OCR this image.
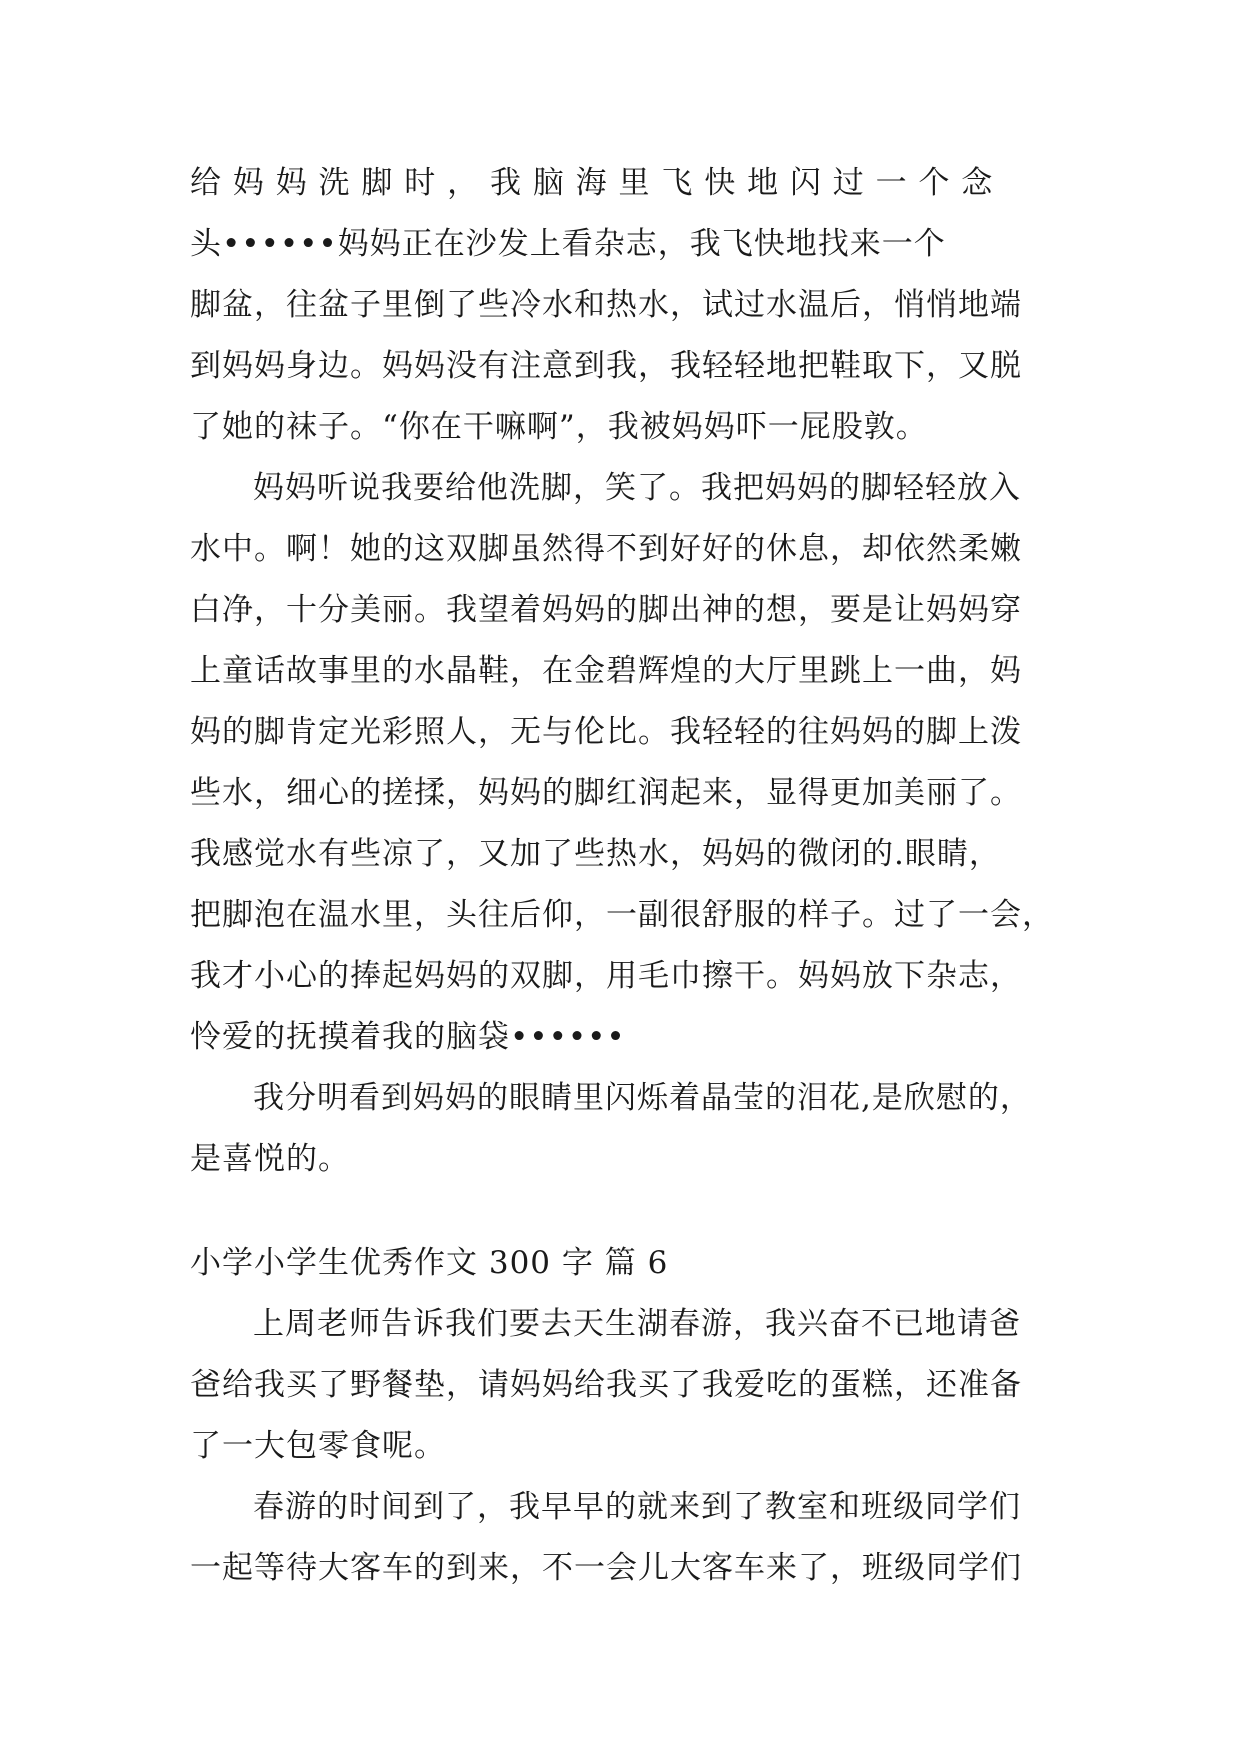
给 妈 妈 洗 脚 时 ， 我 脑 海 里 飞 快 地 闪 过 一 个 念
头••••••妈妈正在沙发上看杂志，我飞快地找来一个
脚盆，往盆子里倒了些冷水和热水，试过水温后，悄悄地端
到妈妈身边。妈妈没有注意到我，我轻轻地把鞋取下，又脱
了她的袜子。“你在干嘛啊”，我被妈妈吓一屁股敦。
妈妈听说我要给他洗脚，笑了。我把妈妈的脚轻轻放入
水中。啊！她的这双脚虽然得不到好好的休息，却依然柔嫩
白净，十分美丽。我望着妈妈的脚出神的想，要是让妈妈穿
上童话故事里的水晶鞋，在金碧辉煌的大厅里跳上一曲，妈
妈的脚肯定光彩照人，无与伦比。我轻轻的往妈妈的脚上泼
些水，细心的搓揉，妈妈的脚红润起来，显得更加美丽了。
我感觉水有些凉了，又加了些热水，妈妈的微闭的.眼睛，
把脚泡在温水里，头往后仰，一副很舒服的样子。过了一会，
我才小心的捧起妈妈的双脚，用毛巾擦干。妈妈放下杂志，
怜爱的抚摸着我的脑袋••••••
我分明看到妈妈的眼睛里闪烁着晶莹的泪花,是欣慰的，
是喜悦的。
小学小学生优秀作文 300 字 篇 6
上周老师告诉我们要去天生湖春游，我兴奋不已地请爸
爸给我买了野餐垫，请妈妈给我买了我爱吃的蛋糕，还准备
了一大包零食呢。
春游的时间到了，我早早的就来到了教室和班级同学们
一起等待大客车的到来，不一会儿大客车来了，班级同学们
